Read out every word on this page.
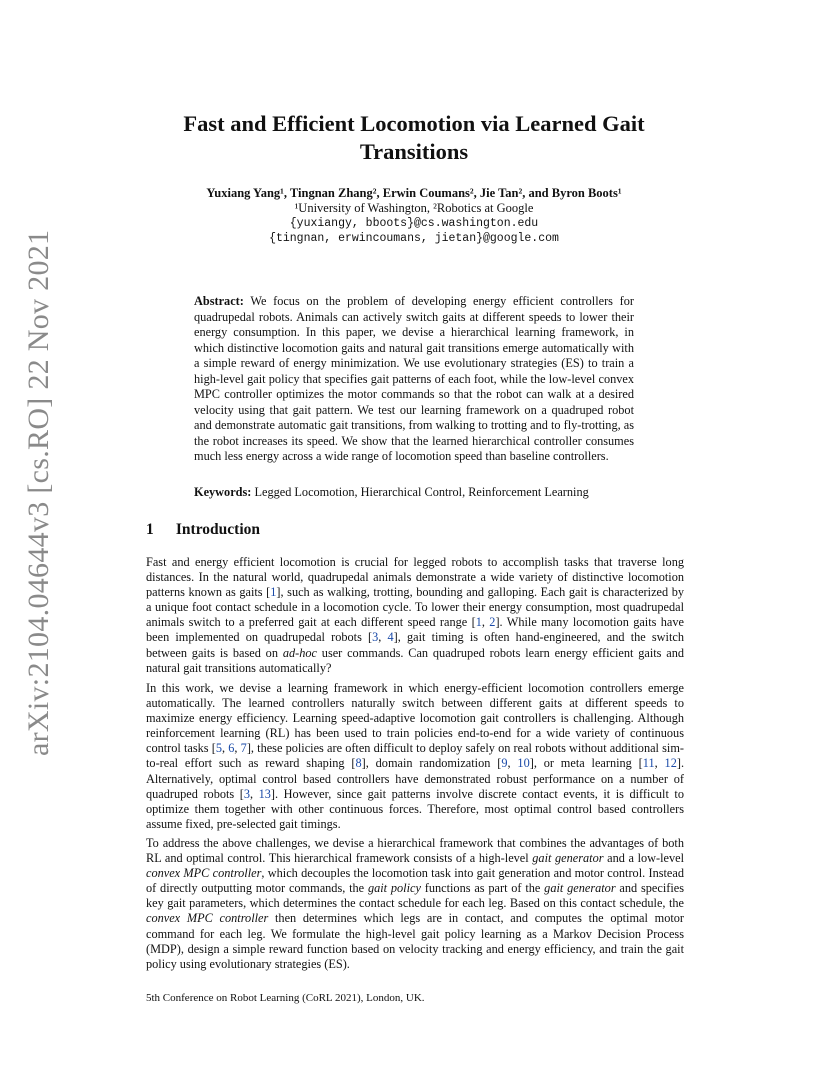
arXiv:2104.04644v3 [cs.RO] 22 Nov 2021
Fast and Efficient Locomotion via Learned Gait Transitions
Yuxiang Yang¹, Tingnan Zhang², Erwin Coumans², Jie Tan², and Byron Boots¹
¹University of Washington, ²Robotics at Google
{yuxiangy, bboots}@cs.washington.edu
{tingnan, erwincoumans, jietan}@google.com
Abstract: We focus on the problem of developing energy efficient controllers for quadrupedal robots. Animals can actively switch gaits at different speeds to lower their energy consumption. In this paper, we devise a hierarchical learning framework, in which distinctive locomotion gaits and natural gait transitions emerge automatically with a simple reward of energy minimization. We use evolutionary strategies (ES) to train a high-level gait policy that specifies gait patterns of each foot, while the low-level convex MPC controller optimizes the motor commands so that the robot can walk at a desired velocity using that gait pattern. We test our learning framework on a quadruped robot and demonstrate automatic gait transitions, from walking to trotting and to fly-trotting, as the robot increases its speed. We show that the learned hierarchical controller consumes much less energy across a wide range of locomotion speed than baseline controllers.
Keywords: Legged Locomotion, Hierarchical Control, Reinforcement Learning
1 Introduction

Fast and energy efficient locomotion is crucial for legged robots to accomplish tasks that traverse long distances. In the natural world, quadrupedal animals demonstrate a wide variety of distinctive locomotion patterns known as gaits [1], such as walking, trotting, bounding and galloping. Each gait is characterized by a unique foot contact schedule in a locomotion cycle. To lower their energy consumption, most quadrupedal animals switch to a preferred gait at each different speed range [1, 2]. While many locomotion gaits have been implemented on quadrupedal robots [3, 4], gait timing is often hand-engineered, and the switch between gaits is based on ad-hoc user commands. Can quadruped robots learn energy efficient gaits and natural gait transitions automatically?

In this work, we devise a learning framework in which energy-efficient locomotion controllers emerge automatically. The learned controllers naturally switch between different gaits at different speeds to maximize energy efficiency. Learning speed-adaptive locomotion gait controllers is challenging. Although reinforcement learning (RL) has been used to train policies end-to-end for a wide variety of continuous control tasks [5, 6, 7], these policies are often difficult to deploy safely on real robots without additional sim-to-real effort such as reward shaping [8], domain randomization [9, 10], or meta learning [11, 12]. Alternatively, optimal control based controllers have demonstrated robust performance on a number of quadruped robots [3, 13]. However, since gait patterns involve discrete contact events, it is difficult to optimize them together with other continuous forces. Therefore, most optimal control based controllers assume fixed, pre-selected gait timings.

To address the above challenges, we devise a hierarchical framework that combines the advantages of both RL and optimal control. This hierarchical framework consists of a high-level gait generator and a low-level convex MPC controller, which decouples the locomotion task into gait generation and motor control. Instead of directly outputting motor commands, the gait policy functions as part of the gait generator and specifies key gait parameters, which determines the contact schedule for each leg. Based on this contact schedule, the convex MPC controller then determines which legs are in contact, and computes the optimal motor command for each leg. We formulate the high-level gait policy learning as a Markov Decision Process (MDP), design a simple reward function based on velocity tracking and energy efficiency, and train the gait policy using evolutionary strategies (ES).

5th Conference on Robot Learning (CoRL 2021), London, UK.
